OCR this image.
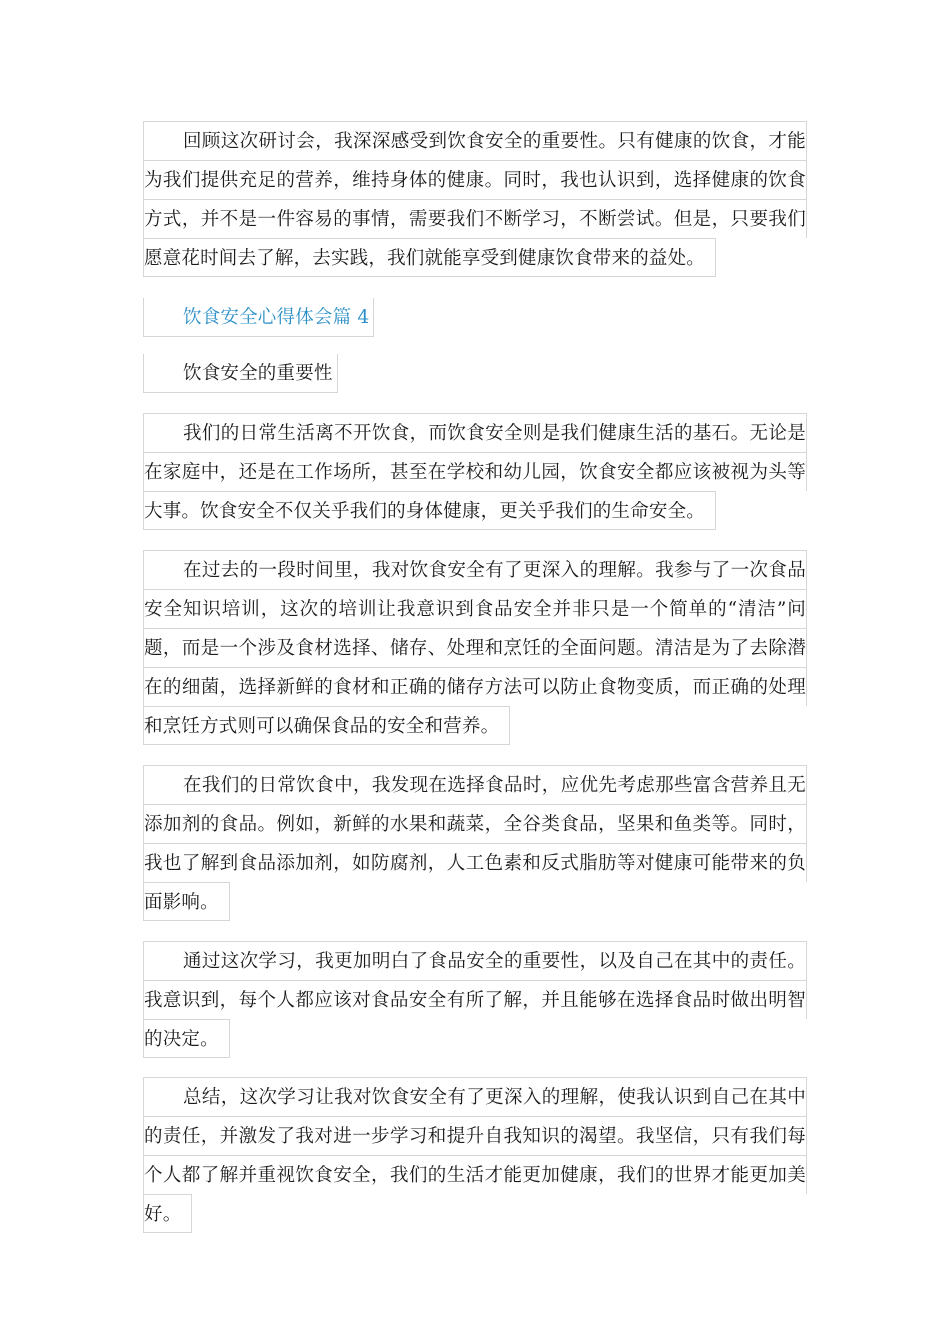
回顾这次研讨会，我深深感受到饮食安全的重要性。只有健康的饮食，才能
为我们提供充足的营养，维持身体的健康。同时，我也认识到，选择健康的饮食
方式，并不是一件容易的事情，需要我们不断学习，不断尝试。但是，只要我们
愿意花时间去了解，去实践，我们就能享受到健康饮食带来的益处。
饮食安全心得体会篇 4
饮食安全的重要性
我们的日常生活离不开饮食，而饮食安全则是我们健康生活的基石。无论是
在家庭中，还是在工作场所，甚至在学校和幼儿园，饮食安全都应该被视为头等
大事。饮食安全不仅关乎我们的身体健康，更关乎我们的生命安全。
在过去的一段时间里，我对饮食安全有了更深入的理解。我参与了一次食品
安全知识培训，这次的培训让我意识到食品安全并非只是一个简单的“清洁”问
题，而是一个涉及食材选择、储存、处理和烹饪的全面问题。清洁是为了去除潜
在的细菌，选择新鲜的食材和正确的储存方法可以防止食物变质，而正确的处理
和烹饪方式则可以确保食品的安全和营养。
在我们的日常饮食中，我发现在选择食品时，应优先考虑那些富含营养且无
添加剂的食品。例如，新鲜的水果和蔬菜，全谷类食品，坚果和鱼类等。同时，
我也了解到食品添加剂，如防腐剂，人工色素和反式脂肪等对健康可能带来的负
面影响。
通过这次学习，我更加明白了食品安全的重要性，以及自己在其中的责任。
我意识到，每个人都应该对食品安全有所了解，并且能够在选择食品时做出明智
的决定。
总结，这次学习让我对饮食安全有了更深入的理解，使我认识到自己在其中
的责任，并激发了我对进一步学习和提升自我知识的渴望。我坚信，只有我们每
个人都了解并重视饮食安全，我们的生活才能更加健康，我们的世界才能更加美
好。
